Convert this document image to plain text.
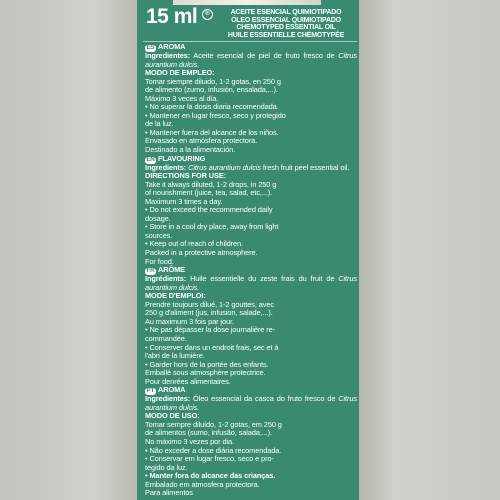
15 ml	®	ACEITE ESENCIAL QUIMIOTIPADO
ÓLEO ESSENCIAL QUIMIOTIPADO
CHEMOTYPED ESSENTIAL OIL
HUILE ESSENTIELLE CHÉMOTYPÉE

ES AROMA

Ingredientes: Aceite esencial de piel de fruto fresco de Citrus aurantium dulcis.

MODO DE EMPLEO:

Tomar siempre diluido, 1-2 gotas, en 250 g

de alimento (zumo, infusión, ensalada,...).

Máximo 3 veces al día.

• No superar la dosis diaria recomendada.

• Mantener en lugar fresco, seco y protegido

de la luz.

• Mantener fuera del alcance de los niños.

Envasado en atmósfera protectora.

Destinado a la alimentación.

EN FLAVOURING

Ingredients: Citrus aurantium dulcis fresh fruit peel essential oil.

DIRECTIONS FOR USE:

Take it always diluted, 1-2 drops, in 250 g

of nourishment (juice, tea, salad, etc,...).

Maximum 3 times a day.

• Do not exceed the recommended daily

dosage.

• Store in a cool dry place, away from light

sources.

• Keep out of reach of children.

Packed in a protective atmosphere.

For food.

FR ARÔME

Ingrédients: Huile essentielle du zeste frais du fruit de Citrus aurantium dulcis.

MODE D'EMPLOI:

Prendre toujours dilué, 1-2 gouttes, avec

250 g d'aliment (jus, infusion, salade,...).

Au maximum 3 fois par jour.

• Ne pas dépasser la dose journalière re-

commandée.

• Conserver dans un endroit frais, sec et à

l'abri de la lumière.

• Garder hors de la portée des enfants.

Emballé sous atmosphère protectrice.

Pour denrées alimentaires.

PT AROMA

Ingredientes: Óleo essencial da casca do fruto fresco de Citrus aurantium dulcis.

MODO DE USO:

Tomar sempre diluído, 1-2 gotas, em 250 g

de alimentos (sumo, infusão, salada,...).

No máximo 3 vezes por dia.

• Não exceder a dose diária recomendada.

• Conservar em lugar fresco, seco e pro-

tegido da luz.

• Manter fora do alcance das crianças.

Embalado em atmosfera protectora.

Para alimentos
